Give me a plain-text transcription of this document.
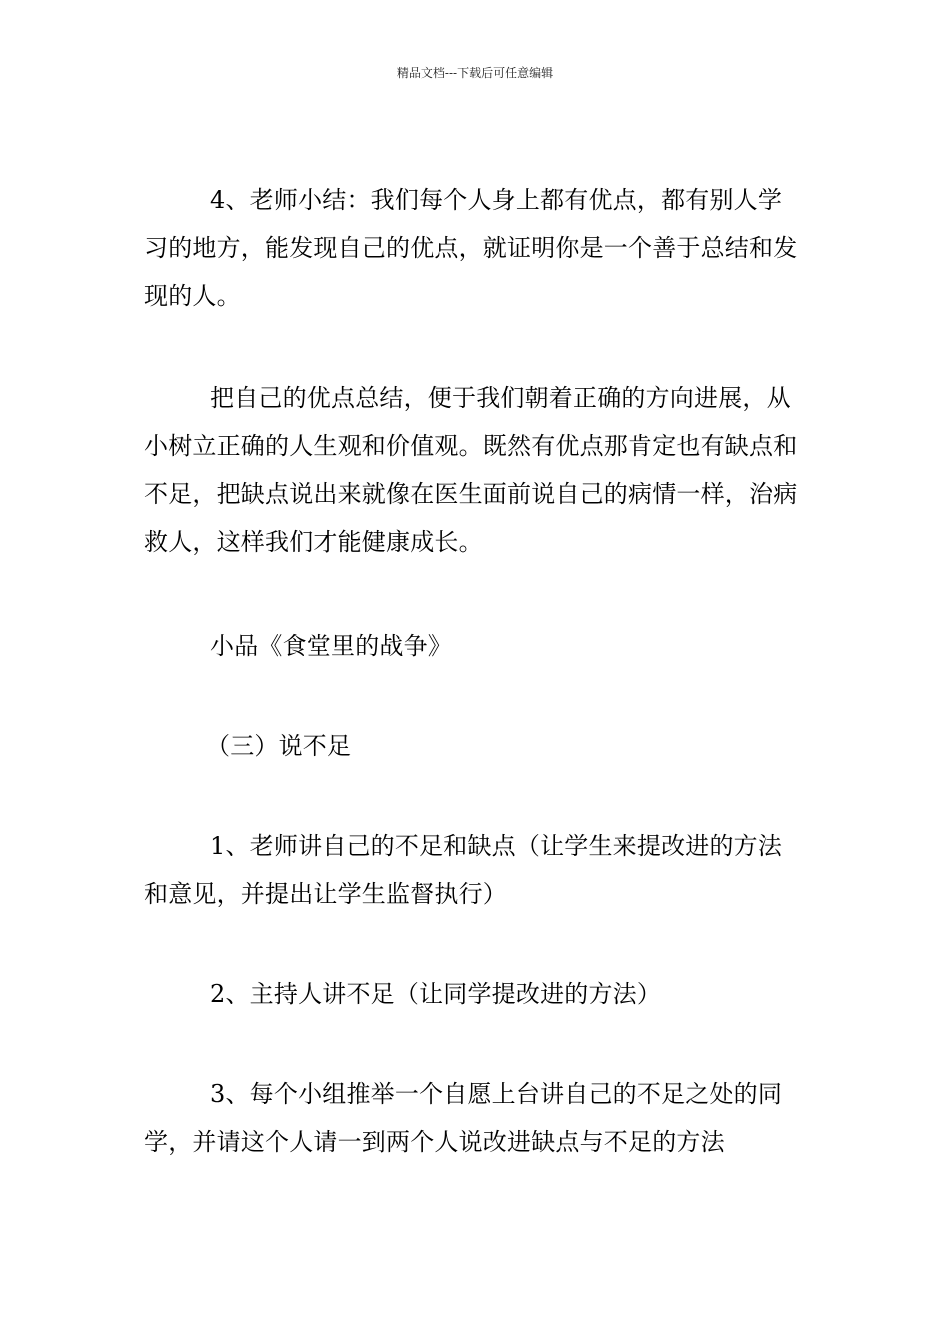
精品文档---下载后可任意编辑

4、老师小结：我们每个人身上都有优点，都有别人学习的地方，能发现自己的优点，就证明你是一个善于总结和发现的人。

把自己的优点总结，便于我们朝着正确的方向进展，从小树立正确的人生观和价值观。既然有优点那肯定也有缺点和不足，把缺点说出来就像在医生面前说自己的病情一样，治病救人，这样我们才能健康成长。

小品《食堂里的战争》

（三）说不足

1、老师讲自己的不足和缺点（让学生来提改进的方法和意见，并提出让学生监督执行）

2、主持人讲不足（让同学提改进的方法）

3、每个小组推举一个自愿上台讲自己的不足之处的同学，并请这个人请一到两个人说改进缺点与不足的方法
